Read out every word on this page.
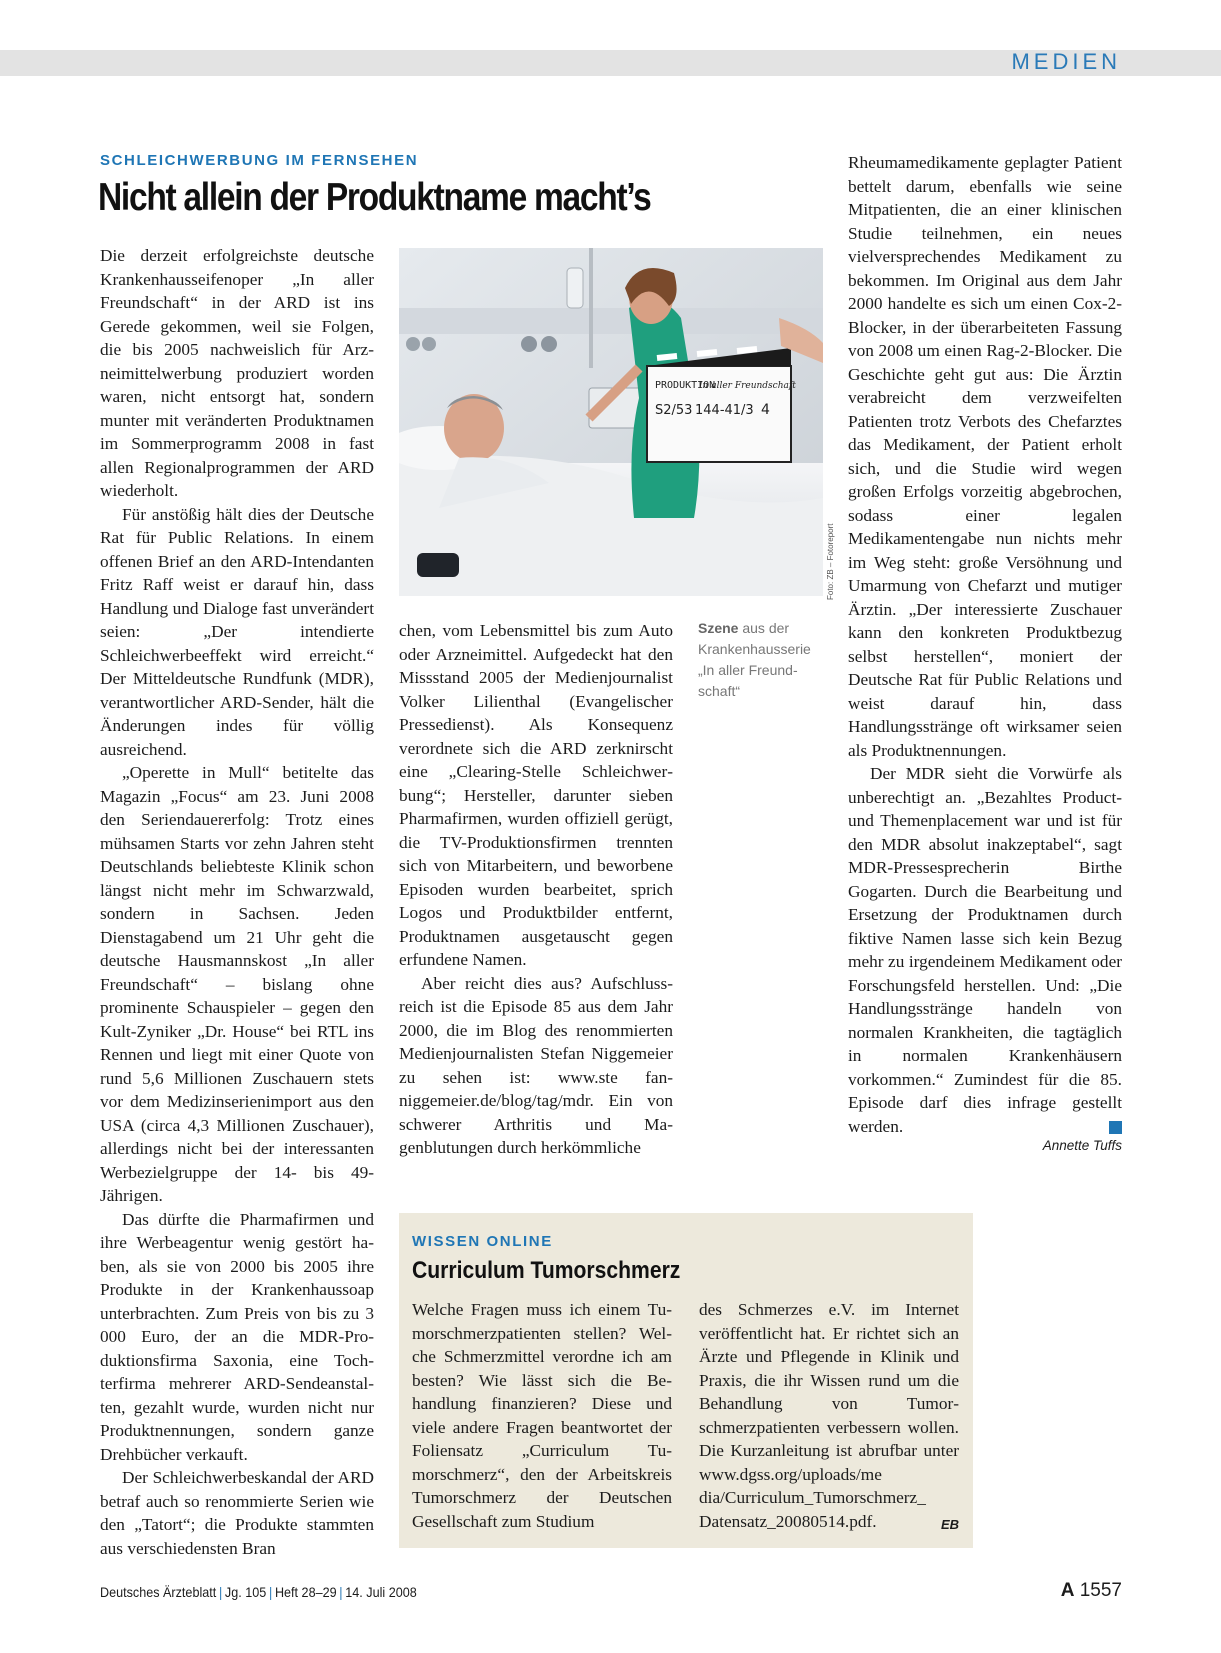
MEDIEN
SCHLEICHWERBUNG IM FERNSEHEN
Nicht allein der Produktname macht’s

Die derzeit erfolgreichste deutsche Krankenhausseifenoper „In aller Freundschaft“ in der ARD ist ins Gerede gekommen, weil sie Folgen, die bis 2005 nachweislich für Arzneimittelwerbung produziert worden waren, nicht entsorgt hat, sondern munter mit veränderten Produktnamen im Sommerprogramm 2008 in fast allen Regionalprogrammen der ARD wiederholt.

Für anstößig hält dies der Deutsche Rat für Public Relations. In einem offenen Brief an den ARD-Intendanten Fritz Raff weist er darauf hin, dass Handlung und Dialoge fast unverändert seien: „Der intendierte Schleichwerbeeffekt wird erreicht.“ Der Mitteldeutsche Rundfunk (MDR), verantwortlicher ARD-Sender, hält die Änderungen indes für völlig ausreichend.

„Operette in Mull“ betitelte das Magazin „Focus“ am 23. Juni 2008 den Seriendauererfolg: Trotz eines mühsamen Starts vor zehn Jahren steht Deutschlands beliebteste Klinik schon längst nicht mehr im Schwarzwald, sondern in Sachsen. Jeden Dienstagabend um 21 Uhr geht die deutsche Hausmannskost „In aller Freundschaft“ – bislang ohne prominente Schauspieler – gegen den Kult-Zyniker „Dr. House“ bei RTL ins Rennen und liegt mit einer Quote von rund 5,6 Millionen Zuschauern stets vor dem Medizinserienimport aus den USA (circa 4,3 Millionen Zuschauer), allerdings nicht bei der interessanten Werbezielgruppe der 14- bis 49-Jährigen.

Das dürfte die Pharmafirmen und ihre Werbeagentur wenig gestört haben, als sie von 2000 bis 2005 ihre Produkte in der Krankenhaussoap unterbrachten. Zum Preis von bis zu 3 000 Euro, der an die MDR-Produktionsfirma Saxonia, eine Tochterfirma mehrerer ARD-Sendeanstalten, gezahlt wurde, wurden nicht nur Produktnennungen, sondern ganze Drehbücher verkauft.

Der Schleichwerbeskandal der ARD betraf auch so renommierte Serien wie den „Tatort“; die Produkte stammten aus verschiedensten Bran

PRODUKTION
In aller Freundschaft
S2/53 144-41/3 4
Foto: ZB – Fotoreport
Szene aus der Krankenhausserie „In aller Freundschaft“

chen, vom Lebensmittel bis zum Auto oder Arzneimittel. Aufgedeckt hat den Missstand 2005 der Medienjournalist Volker Lilienthal (Evangelischer Pressedienst). Als Konsequenz verordnete sich die ARD zerknirscht eine „Clearing-Stelle Schleichwerbung“; Hersteller, darunter sieben Pharmafirmen, wurden offiziell gerügt, die TV-Produktionsfirmen trennten sich von Mitarbeitern, und beworbene Episoden wurden bearbeitet, sprich Logos und Produktbilder entfernt, Produktnamen ausgetauscht gegen erfundene Namen.

Aber reicht dies aus? Aufschlussreich ist die Episode 85 aus dem Jahr 2000, die im Blog des renommierten Medienjournalisten Stefan Niggemeier zu sehen ist: www.ste fan-niggemeier.de/blog/tag/mdr. Ein von schwerer Arthritis und Magenblutungen durch herkömmliche

Rheumamedikamente geplagter Patient bettelt darum, ebenfalls wie seine Mitpatienten, die an einer klinischen Studie teilnehmen, ein neues vielversprechendes Medikament zu bekommen. Im Original aus dem Jahr 2000 handelte es sich um einen Cox-2-Blocker, in der überarbeiteten Fassung von 2008 um einen Rag-2-Blocker. Die Geschichte geht gut aus: Die Ärztin verabreicht dem verzweifelten Patienten trotz Verbots des Chefarztes das Medikament, der Patient erholt sich, und die Studie wird wegen großen Erfolgs vorzeitig abgebrochen, sodass einer legalen Medikamentengabe nun nichts mehr im Weg steht: große Versöhnung und Umarmung von Chefarzt und mutiger Ärztin. „Der interessierte Zuschauer kann den konkreten Produktbezug selbst herstellen“, moniert der Deutsche Rat für Public Relations und weist darauf hin, dass Handlungsstränge oft wirksamer seien als Produktnennungen.

Der MDR sieht die Vorwürfe als unberechtigt an. „Bezahltes Product- und Themenplacement war und ist für den MDR absolut inakzeptabel“, sagt MDR-Pressesprecherin Birthe Gogarten. Durch die Bearbeitung und Ersetzung der Produktnamen durch fiktive Namen lasse sich kein Bezug mehr zu irgendeinem Medikament oder Forschungsfeld herstellen. Und: „Die Handlungsstränge handeln von normalen Krankheiten, die tagtäglich in normalen Krankenhäusern vorkommen.“ Zumindest für die 85. Episode darf dies infrage gestellt werden.

Annette Tuffs
WISSEN ONLINE
Curriculum Tumorschmerz

Welche Fragen muss ich einem Tumorschmerzpatienten stellen? Welche Schmerzmittel verordne ich am besten? Wie lässt sich die Behandlung finanzieren? Diese und viele andere Fragen beantwortet der Foliensatz „Curriculum Tumorschmerz“, den der Arbeitskreis Tumorschmerz der Deutschen Gesellschaft zum Studium

des Schmerzes e.V. im Internet veröffentlicht hat. Er richtet sich an Ärzte und Pflegende in Klinik und Praxis, die ihr Wissen rund um die Behandlung von Tumorschmerzpatienten verbessern wollen. Die Kurzanleitung ist abrufbar unter www.dgss.org/uploads/me dia/Curriculum_Tumorschmerz_ Datensatz_20080514.pdf.	EB

Deutsches Ärzteblatt | Jg. 105 | Heft 28–29 | 14. Juli 2008	A 1557
